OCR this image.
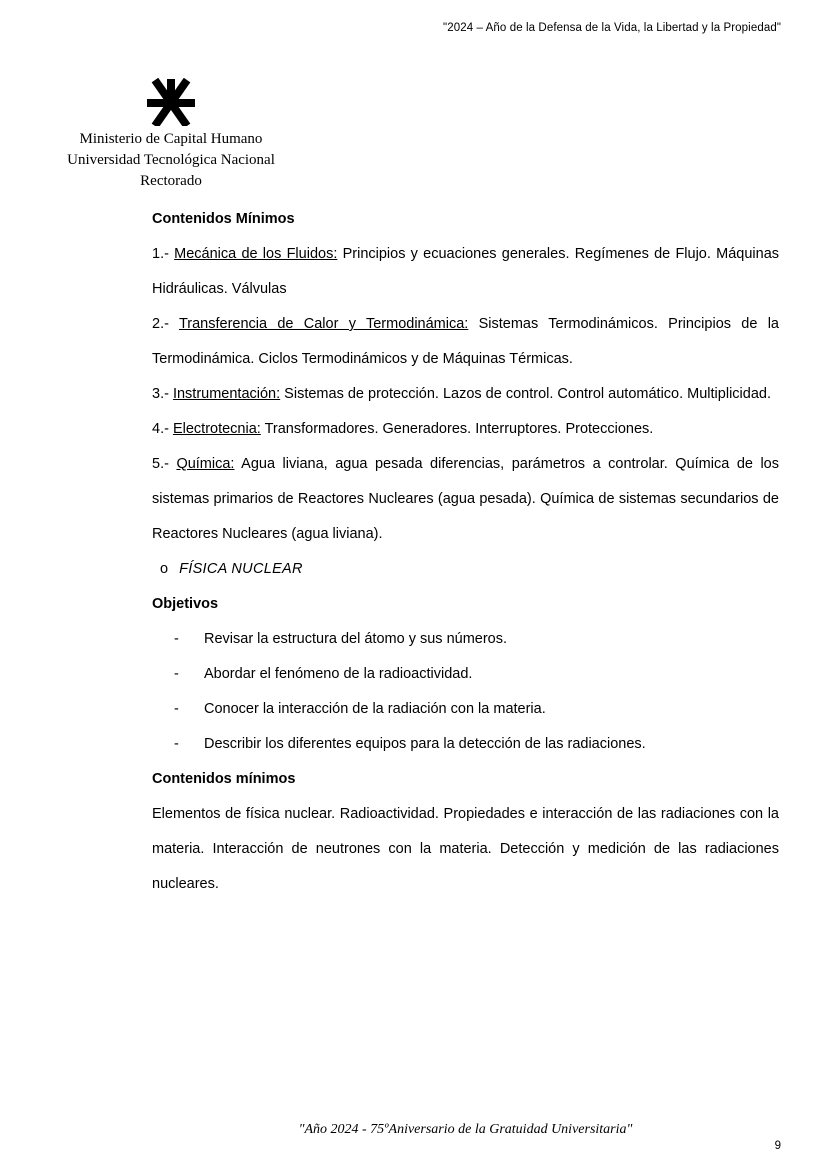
"2024 – Año de la Defensa de la Vida, la Libertad y la Propiedad"
Ministerio de Capital Humano
Universidad Tecnológica Nacional
Rectorado

Contenidos Mínimos

1.- Mecánica de los Fluidos: Principios y ecuaciones generales. Regímenes de Flujo. Máquinas Hidráulicas. Válvulas

2.- Transferencia de Calor y Termodinámica: Sistemas Termodinámicos. Principios de la Termodinámica. Ciclos Termodinámicos y de Máquinas Térmicas.

3.- Instrumentación: Sistemas de protección. Lazos de control. Control automático. Multiplicidad.

4.- Electrotecnia: Transformadores. Generadores. Interruptores. Protecciones.

5.- Química: Agua liviana, agua pesada diferencias, parámetros a controlar. Química de los sistemas primarios de Reactores Nucleares (agua pesada). Química de sistemas secundarios de Reactores Nucleares (agua liviana).

o FÍSICA NUCLEAR

Objetivos

-	Revisar la estructura del átomo y sus números.
-	Abordar el fenómeno de la radioactividad.
-	Conocer la interacción de la radiación con la materia.
-	Describir los diferentes equipos para la detección de las radiaciones.

Contenidos mínimos

Elementos de física nuclear. Radioactividad. Propiedades e interacción de las radiaciones con la materia. Interacción de neutrones con la materia. Detección y medición de las radiaciones nucleares.

"Año 2024 - 75ºAniversario de la Gratuidad Universitaria"
9
